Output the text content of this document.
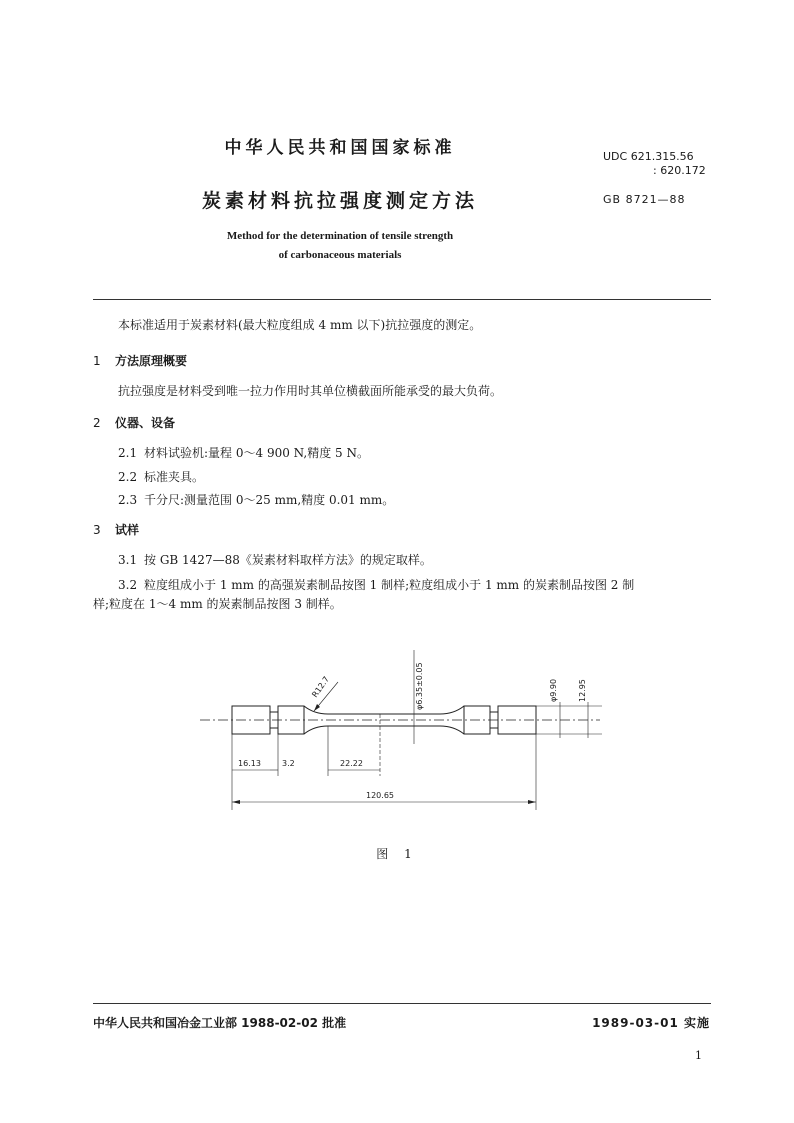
中华人民共和国国家标准	UDC 621.315.56
: 620.172
炭素材料抗拉强度测定方法	GB 8721—88
Method for the determination of tensile strength
of carbonaceous materials
本标准适用于炭素材料(最大粒度组成 4 mm 以下)抗拉强度的测定。
1 方法原理概要
抗拉强度是材料受到唯一拉力作用时其单位横截面所能承受的最大负荷。
2 仪器、设备
2.1 材料试验机:量程 0～4 900 N,精度 5 N。
2.2 标准夹具。
2.3 千分尺:测量范围 0～25 mm,精度 0.01 mm。
3 试样
3.1 按 GB 1427—88《炭素材料取样方法》的规定取样。
3.2 粒度组成小于 1 mm 的高强炭素制品按图 1 制样;粒度组成小于 1 mm 的炭素制品按图 2 制
样;粒度在 1～4 mm 的炭素制品按图 3 制样。
16.13	3.2	22.22
120.65
R12.7	φ6.35±0.05	φ9.90	12.95
图 1
中华人民共和国冶金工业部 1988-02-02 批准	1989-03-01 实施
1
